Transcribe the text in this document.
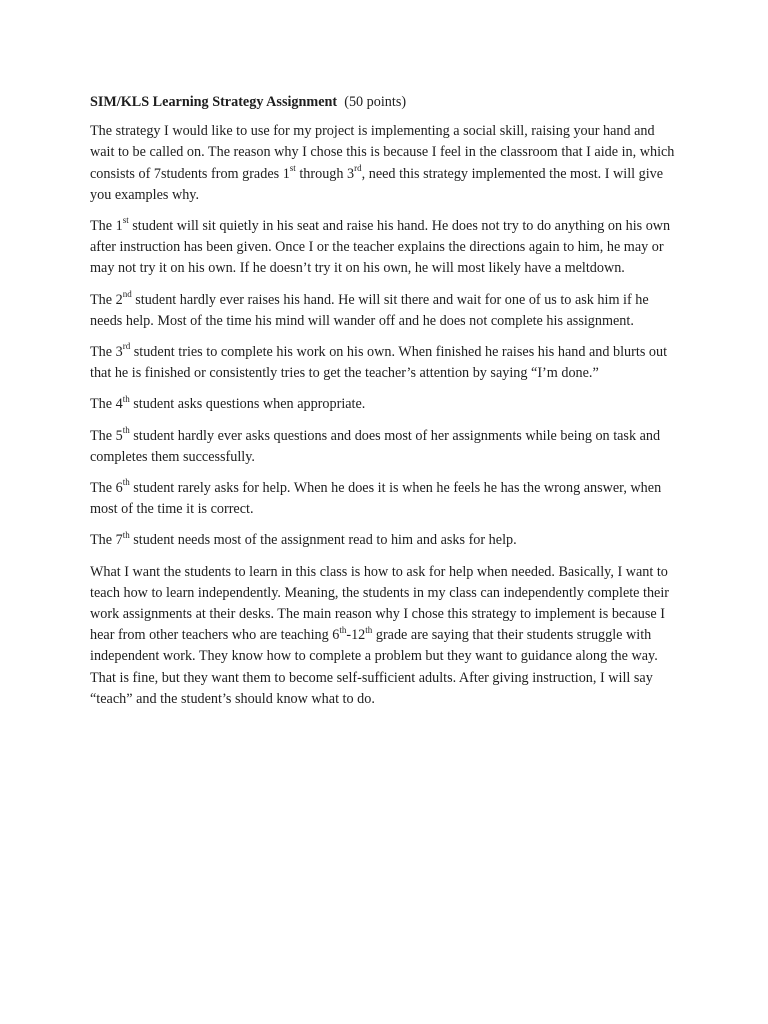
SIM/KLS Learning Strategy Assignment (50 points)

The strategy I would like to use for my project is implementing a social skill, raising your hand and wait to be called on. The reason why I chose this is because I feel in the classroom that I aide in, which consists of 7students from grades 1st through 3rd, need this strategy implemented the most. I will give you examples why.

The 1st student will sit quietly in his seat and raise his hand. He does not try to do anything on his own after instruction has been given. Once I or the teacher explains the directions again to him, he may or may not try it on his own. If he doesn’t try it on his own, he will most likely have a meltdown.

The 2nd student hardly ever raises his hand. He will sit there and wait for one of us to ask him if he needs help. Most of the time his mind will wander off and he does not complete his assignment.

The 3rd student tries to complete his work on his own. When finished he raises his hand and blurts out that he is finished or consistently tries to get the teacher’s attention by saying “I’m done.”

The 4th student asks questions when appropriate.

The 5th student hardly ever asks questions and does most of her assignments while being on task and completes them successfully.

The 6th student rarely asks for help. When he does it is when he feels he has the wrong answer, when most of the time it is correct.

The 7th student needs most of the assignment read to him and asks for help.

What I want the students to learn in this class is how to ask for help when needed. Basically, I want to teach how to learn independently. Meaning, the students in my class can independently complete their work assignments at their desks. The main reason why I chose this strategy to implement is because I hear from other teachers who are teaching 6th-12th grade are saying that their students struggle with independent work. They know how to complete a problem but they want to guidance along the way. That is fine, but they want them to become self-sufficient adults. After giving instruction, I will say “teach” and the student’s should know what to do.
